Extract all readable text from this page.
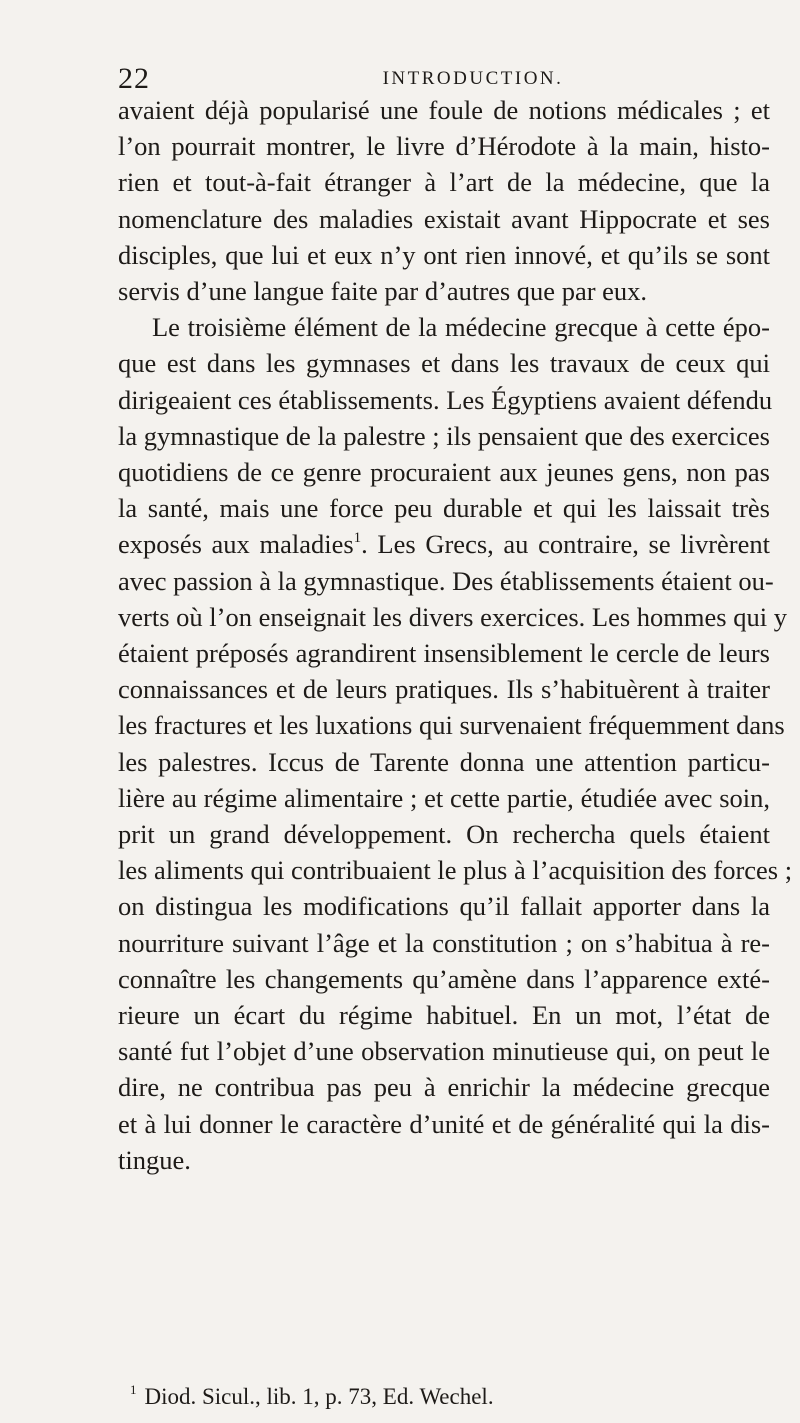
22	INTRODUCTION.
avaient déjà popularisé une foule de notions médicales ; et
l’on pourrait montrer, le livre d’Hérodote à la main, histo-
rien et tout-à-fait étranger à l’art de la médecine, que la
nomenclature des maladies existait avant Hippocrate et ses
disciples, que lui et eux n’y ont rien innové, et qu’ils se sont
servis d’une langue faite par d’autres que par eux.
Le troisième élément de la médecine grecque à cette épo-
que est dans les gymnases et dans les travaux de ceux qui
dirigeaient ces établissements. Les Égyptiens avaient défendu
la gymnastique de la palestre ; ils pensaient que des exercices
quotidiens de ce genre procuraient aux jeunes gens, non pas
la santé, mais une force peu durable et qui les laissait très
exposés aux maladies$^1$. Les Grecs, au contraire, se livrèrent
avec passion à la gymnastique. Des établissements étaient ou-
verts où l’on enseignait les divers exercices. Les hommes qui y
étaient préposés agrandirent insensiblement le cercle de leurs
connaissances et de leurs pratiques. Ils s’habituèrent à traiter
les fractures et les luxations qui survenaient fréquemment dans
les palestres. Iccus de Tarente donna une attention particu-
lière au régime alimentaire ; et cette partie, étudiée avec soin,
prit un grand développement. On rechercha quels étaient
les aliments qui contribuaient le plus à l’acquisition des forces ;
on distingua les modifications qu’il fallait apporter dans la
nourriture suivant l’âge et la constitution ; on s’habitua à re-
connaître les changements qu’amène dans l’apparence exté-
rieure un écart du régime habituel. En un mot, l’état de
santé fut l’objet d’une observation minutieuse qui, on peut le
dire, ne contribua pas peu à enrichir la médecine grecque
et à lui donner le caractère d’unité et de généralité qui la dis-
tingue.
$^1$ Diod. Sicul., lib. 1, p. 73, Ed. Wechel.
